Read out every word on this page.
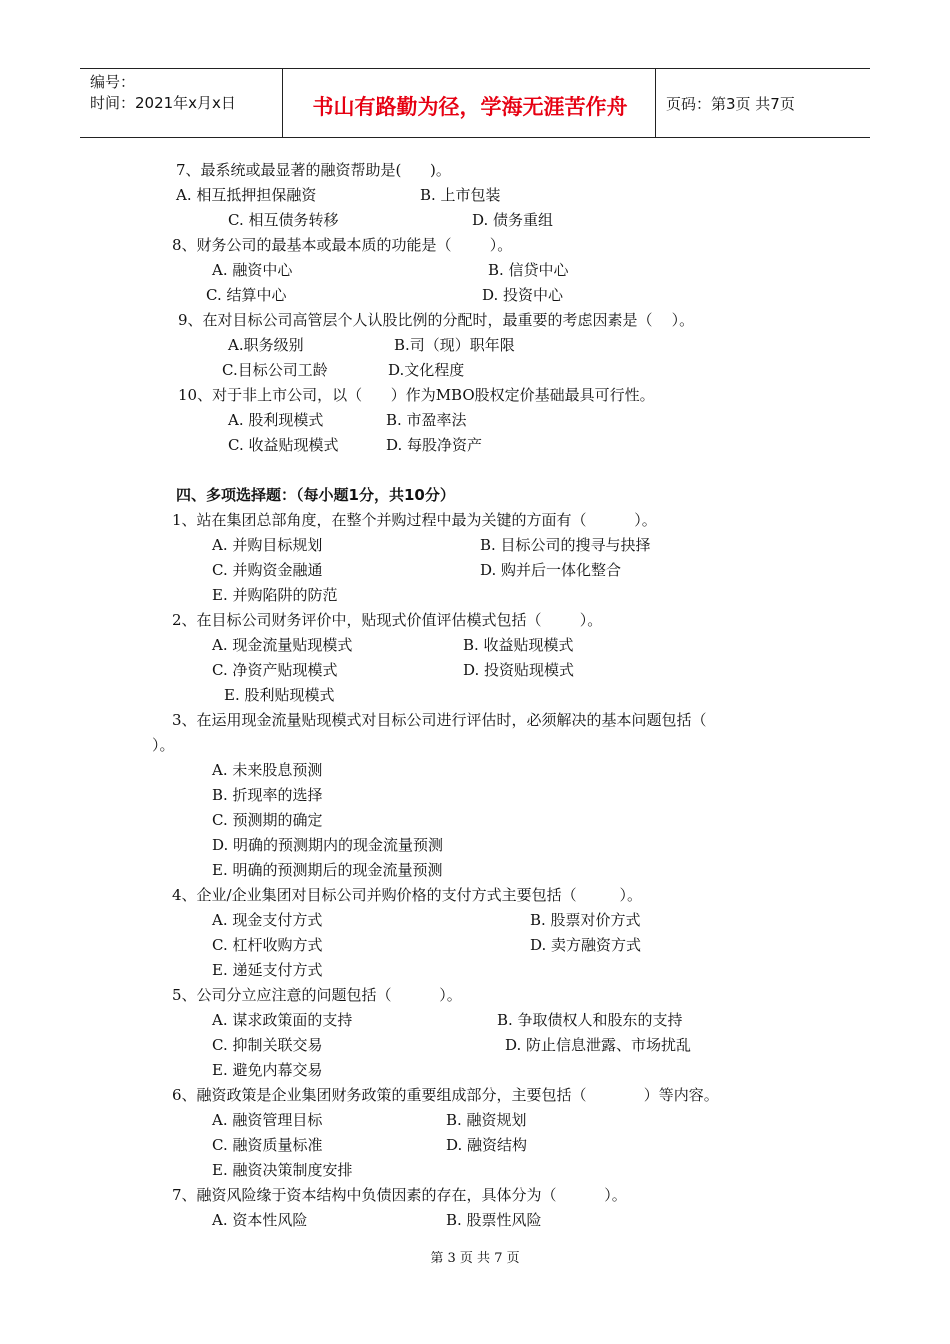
编号：
时间：2021年x月x日	书山有路勤为径，学海无涯苦作舟	页码：第3页 共7页
7、最系统或最显著的融资帮助是(      )。
A. 相互抵押担保融资	B. 上市包装
C. 相互债务转移	D. 债务重组
8、财务公司的最基本或最本质的功能是（        ）。
A. 融资中心	B. 信贷中心
C. 结算中心	D. 投资中心
9、在对目标公司高管层个人认股比例的分配时，最重要的考虑因素是（    ）。
A.职务级别	B.司（现）职年限
C.目标公司工龄	D.文化程度
10、对于非上市公司，以（      ）作为MBO股权定价基础最具可行性。
A. 股利现模式	B. 市盈率法
C. 收益贴现模式	D. 每股净资产
四、多项选择题：（每小题1分，共10分）
1、站在集团总部角度，在整个并购过程中最为关键的方面有（          ）。
A. 并购目标规划	B. 目标公司的搜寻与抉择
C. 并购资金融通	D. 购并后一体化整合
E. 并购陷阱的防范
2、在目标公司财务评价中，贴现式价值评估模式包括（        ）。
A. 现金流量贴现模式	B. 收益贴现模式
C. 净资产贴现模式	D. 投资贴现模式
E. 股利贴现模式
3、在运用现金流量贴现模式对目标公司进行评估时，必须解决的基本问题包括（
）。
A. 未来股息预测
B. 折现率的选择
C. 预测期的确定
D. 明确的预测期内的现金流量预测
E. 明确的预测期后的现金流量预测
4、企业/企业集团对目标公司并购价格的支付方式主要包括（         ）。
A. 现金支付方式	B. 股票对价方式
C. 杠杆收购方式	D. 卖方融资方式
E. 递延支付方式
5、公司分立应注意的问题包括（          ）。
A. 谋求政策面的支持	B. 争取债权人和股东的支持
C. 抑制关联交易	D. 防止信息泄露、市场扰乱
E. 避免内幕交易
6、融资政策是企业集团财务政策的重要组成部分，主要包括（            ）等内容。
A. 融资管理目标	B. 融资规划
C. 融资质量标准	D. 融资结构
E. 融资决策制度安排
7、融资风险缘于资本结构中负债因素的存在，具体分为（          ）。
A. 资本性风险	B. 股票性风险
第 3 页 共 7 页
